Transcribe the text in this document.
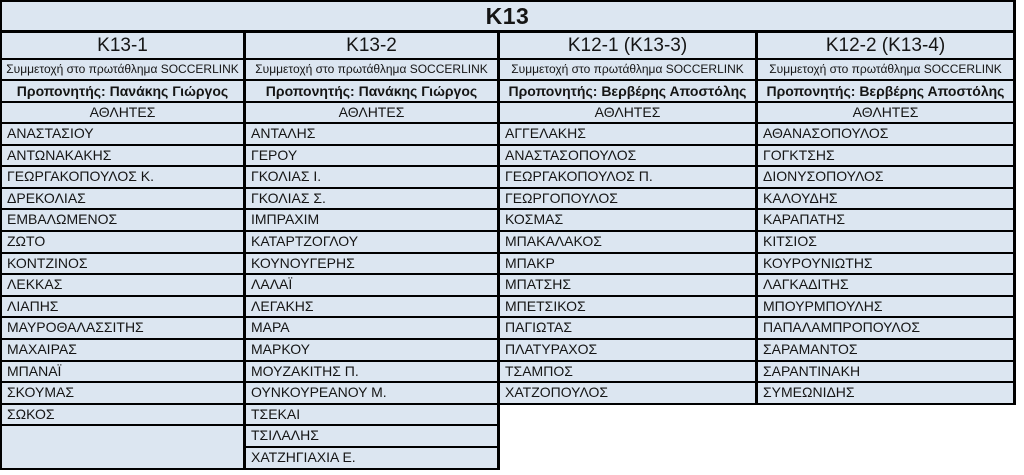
K13
K13-1
Συμμετοχή στο πρωτάθλημα SOCCERLINK
Προπονητής: Πανάκης Γιώργος
ΑΘΛΗΤΕΣ
ΑΝΑΣΤΑΣΙΟΥ
ΑΝΤΩΝΑΚΑΚΗΣ
ΓΕΩΡΓΑΚΟΠΟΥΛΟΣ Κ.
ΔΡΕΚΟΛΙΑΣ
ΕΜΒΑΛΩΜΕΝΟΣ
ΖΩΤΟ
ΚΟΝΤΖΙΝΟΣ
ΛΕΚΚΑΣ
ΛΙΑΠΗΣ
ΜΑΥΡΟΘΑΛΑΣΣΙΤΗΣ
ΜΑΧΑΙΡΑΣ
ΜΠΑΝΑΪ
ΣΚΟΥΜΑΣ
ΣΩΚΟΣ
K13-2
Συμμετοχή στο πρωτάθλημα SOCCERLINK
Προπονητής: Πανάκης Γιώργος
ΑΘΛΗΤΕΣ
ΑΝΤΑΛΗΣ
ΓΕΡΟΥ
ΓΚΟΛΙΑΣ Ι.
ΓΚΟΛΙΑΣ Σ.
ΙΜΠΡΑΧΙΜ
ΚΑΤΑΡΤΖΟΓΛΟΥ
ΚΟΥΝΟΥΓΕΡΗΣ
ΛΑΛΑΪ
ΛΕΓΑΚΗΣ
ΜΑΡΑ
ΜΑΡΚΟΥ
ΜΟΥΖΑΚΙΤΗΣ Π.
ΟΥΝΚΟΥΡΕΑΝΟΥ Μ.
ΤΣΕΚΑΙ
ΤΣΙΛΑΛΗΣ
ΧΑΤΖΗΓΙΑΧΙΑ Ε.
K12-1 (K13-3)
Συμμετοχή στο πρωτάθλημα SOCCERLINK
Προπονητής: Βερβέρης Αποστόλης
ΑΘΛΗΤΕΣ
ΑΓΓΕΛΑΚΗΣ
ΑΝΑΣΤΑΣΟΠΟΥΛΟΣ
ΓΕΩΡΓΑΚΟΠΟΥΛΟΣ Π.
ΓΕΩΡΓΟΠΟΥΛΟΣ
ΚΟΣΜΑΣ
ΜΠΑΚΑΛΑΚΟΣ
ΜΠΑΚΡ
ΜΠΑΤΣΗΣ
ΜΠΕΤΣΙΚΟΣ
ΠΑΓΙΩΤΑΣ
ΠΛΑΤΥΡΑΧΟΣ
ΤΣΑΜΠΟΣ
ΧΑΤΖΟΠΟΥΛΟΣ
K12-2 (K13-4)
Συμμετοχή στο πρωτάθλημα SOCCERLINK
Προπονητής: Βερβέρης Αποστόλης
ΑΘΛΗΤΕΣ
ΑΘΑΝΑΣΟΠΟΥΛΟΣ
ΓΟΓΚΤΣΗΣ
ΔΙΟΝΥΣΟΠΟΥΛΟΣ
ΚΑΛΟΥΔΗΣ
ΚΑΡΑΠΑΤΗΣ
ΚΙΤΣΙΟΣ
ΚΟΥΡΟΥΝΙΩΤΗΣ
ΛΑΓΚΑΔΙΤΗΣ
ΜΠΟΥΡΜΠΟΥΛΗΣ
ΠΑΠΑΛΑΜΠΡΟΠΟΥΛΟΣ
ΣΑΡΑΜΑΝΤΟΣ
ΣΑΡΑΝΤΙΝΑΚΗ
ΣΥΜΕΩΝΙΔΗΣ
